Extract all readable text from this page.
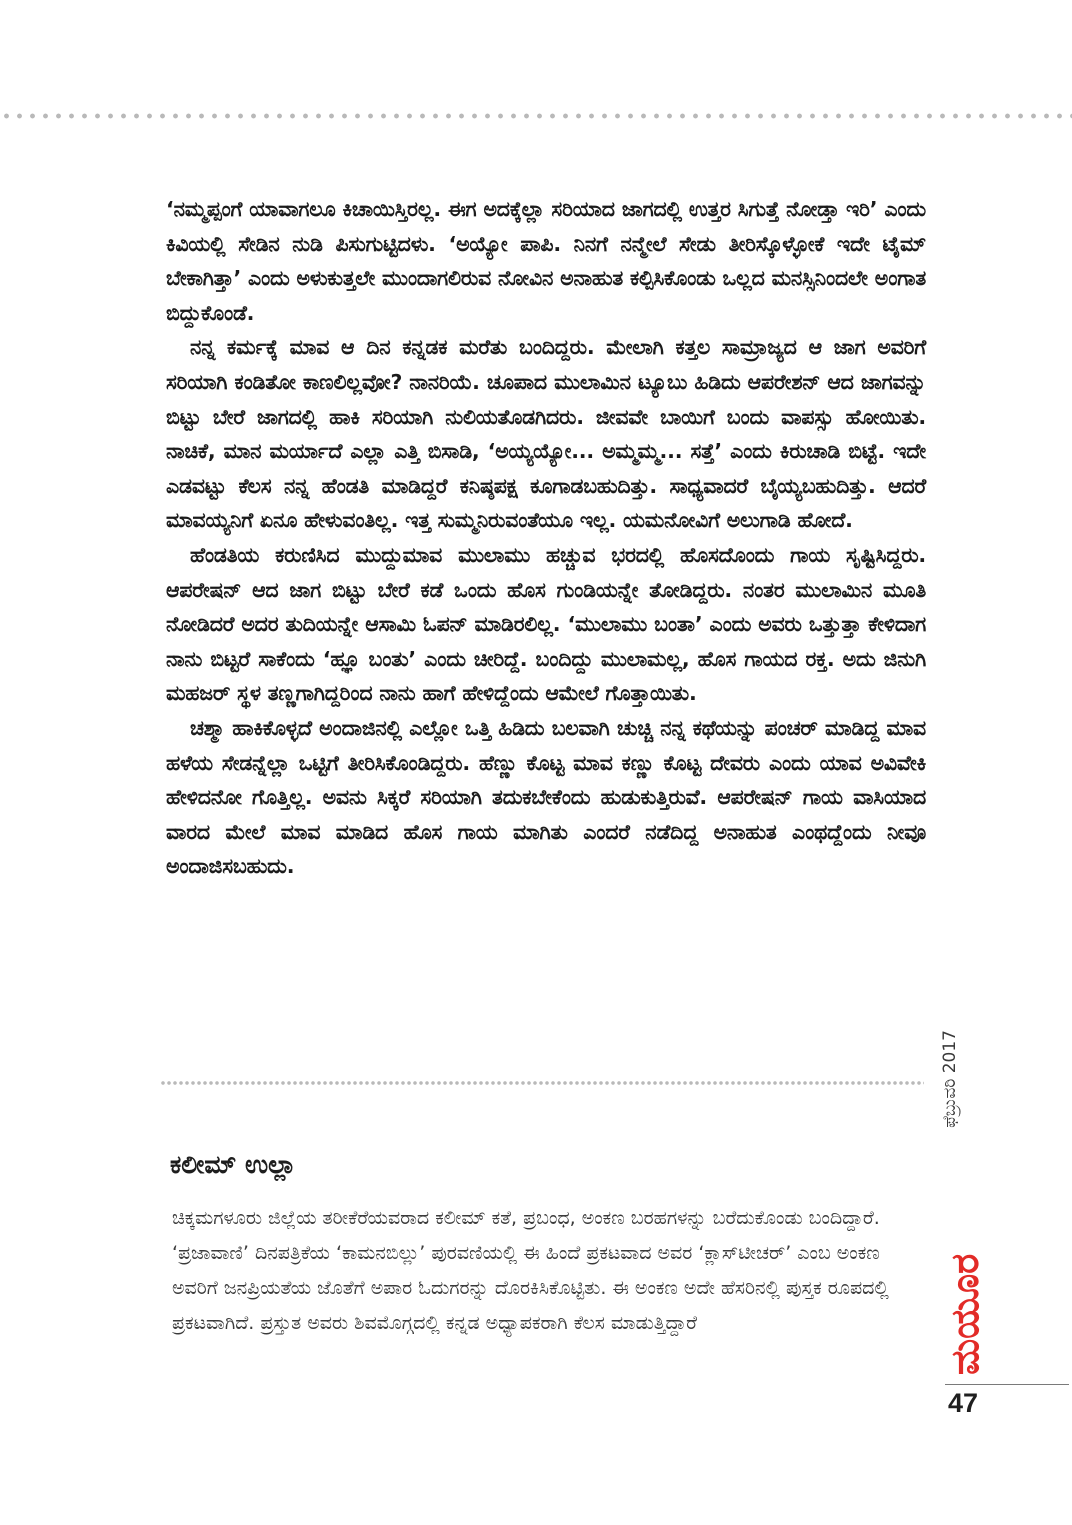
‘ನಮ್ಮಪ್ಪಂಗೆ ಯಾವಾಗಲೂ ಕಿಚಾಯಿಸ್ತಿರಲ್ಲ. ಈಗ ಅದಕ್ಕೆಲ್ಲಾ ಸರಿಯಾದ ಜಾಗದಲ್ಲಿ ಉತ್ತರ ಸಿಗುತ್ತೆ ನೋಡ್ತಾ ಇರಿ’ ಎಂದು ಕಿವಿಯಲ್ಲಿ ಸೇಡಿನ ನುಡಿ ಪಿಸುಗುಟ್ಟಿದಳು. ‘ಅಯ್ಯೋ ಪಾಪಿ. ನಿನಗೆ ನನ್ಮೇಲೆ ಸೇಡು ತೀರಿಸ್ಕೊಳ್ಳೋಕೆ ಇದೇ ಟೈಮ್ ಬೇಕಾಗಿತ್ತಾ’ ಎಂದು ಅಳುಕುತ್ತಲೇ ಮುಂದಾಗಲಿರುವ ನೋವಿನ ಅನಾಹುತ ಕಲ್ಪಿಸಿಕೊಂಡು ಒಲ್ಲದ ಮನಸ್ಸಿನಿಂದಲೇ ಅಂಗಾತ ಬಿದ್ದುಕೊಂಡೆ.

ನನ್ನ ಕರ್ಮಕ್ಕೆ ಮಾವ ಆ ದಿನ ಕನ್ನಡಕ ಮರೆತು ಬಂದಿದ್ದರು. ಮೇಲಾಗಿ ಕತ್ತಲ ಸಾಮ್ರಾಜ್ಯದ ಆ ಜಾಗ ಅವರಿಗೆ ಸರಿಯಾಗಿ ಕಂಡಿತೋ ಕಾಣಲಿಲ್ಲವೋ? ನಾನರಿಯೆ. ಚೂಪಾದ ಮುಲಾಮಿನ ಟ್ಯೂಬು ಹಿಡಿದು ಆಪರೇಶನ್ ಆದ ಜಾಗವನ್ನು ಬಿಟ್ಟು ಬೇರೆ ಜಾಗದಲ್ಲಿ ಹಾಕಿ ಸರಿಯಾಗಿ ನುಲಿಯತೊಡಗಿದರು. ಜೀವವೇ ಬಾಯಿಗೆ ಬಂದು ವಾಪಸ್ಸು ಹೋಯಿತು. ನಾಚಿಕೆ, ಮಾನ ಮರ್ಯಾದೆ ಎಲ್ಲಾ ಎತ್ತಿ ಬಿಸಾಡಿ, ‘ಅಯ್ಯಯ್ಯೋ... ಅಮ್ಮಮ್ಮ... ಸತ್ತೆ’ ಎಂದು ಕಿರುಚಾಡಿ ಬಿಟ್ಟೆ. ಇದೇ ಎಡವಟ್ಟು ಕೆಲಸ ನನ್ನ ಹೆಂಡತಿ ಮಾಡಿದ್ದರೆ ಕನಿಷ್ಠಪಕ್ಷ ಕೂಗಾಡಬಹುದಿತ್ತು. ಸಾಧ್ಯವಾದರೆ ಬೈಯ್ಯಬಹುದಿತ್ತು. ಆದರೆ ಮಾವಯ್ಯನಿಗೆ ಏನೂ ಹೇಳುವಂತಿಲ್ಲ. ಇತ್ತ ಸುಮ್ಮನಿರುವಂತೆಯೂ ಇಲ್ಲ. ಯಮನೋವಿಗೆ ಅಲುಗಾಡಿ ಹೋದೆ.

ಹೆಂಡತಿಯ ಕರುಣಿಸಿದ ಮುದ್ದುಮಾವ ಮುಲಾಮು ಹಚ್ಚುವ ಭರದಲ್ಲಿ ಹೊಸದೊಂದು ಗಾಯ ಸೃಷ್ಟಿಸಿದ್ದರು. ಆಪರೇಷನ್ ಆದ ಜಾಗ ಬಿಟ್ಟು ಬೇರೆ ಕಡೆ ಒಂದು ಹೊಸ ಗುಂಡಿಯನ್ನೇ ತೋಡಿದ್ದರು. ನಂತರ ಮುಲಾಮಿನ ಮೂತಿ ನೋಡಿದರೆ ಅದರ ತುದಿಯನ್ನೇ ಆಸಾಮಿ ಓಪನ್ ಮಾಡಿರಲಿಲ್ಲ. ‘ಮುಲಾಮು ಬಂತಾ’ ಎಂದು ಅವರು ಒತ್ತುತ್ತಾ ಕೇಳಿದಾಗ ನಾನು ಬಿಟ್ಟರೆ ಸಾಕೆಂದು ‘ಹ್ಞೂ ಬಂತು’ ಎಂದು ಚೀರಿದ್ದೆ. ಬಂದಿದ್ದು ಮುಲಾಮಲ್ಲ, ಹೊಸ ಗಾಯದ ರಕ್ತ. ಅದು ಜಿನುಗಿ ಮಹಜರ್ ಸ್ಥಳ ತಣ್ಣಗಾಗಿದ್ದರಿಂದ ನಾನು ಹಾಗೆ ಹೇಳಿದ್ದೆಂದು ಆಮೇಲೆ ಗೊತ್ತಾಯಿತು.

ಚಶ್ಮಾ ಹಾಕಿಕೊಳ್ಳದೆ ಅಂದಾಜಿನಲ್ಲಿ ಎಲ್ಲೋ ಒತ್ತಿ ಹಿಡಿದು ಬಲವಾಗಿ ಚುಚ್ಚಿ ನನ್ನ ಕಥೆಯನ್ನು ಪಂಚರ್ ಮಾಡಿದ್ದ ಮಾವ ಹಳೆಯ ಸೇಡನ್ನೆಲ್ಲಾ ಒಟ್ಟಿಗೆ ತೀರಿಸಿಕೊಂಡಿದ್ದರು. ಹೆಣ್ಣು ಕೊಟ್ಟ ಮಾವ ಕಣ್ಣು ಕೊಟ್ಟ ದೇವರು ಎಂದು ಯಾವ ಅವಿವೇಕಿ ಹೇಳಿದನೋ ಗೊತ್ತಿಲ್ಲ. ಅವನು ಸಿಕ್ಕರೆ ಸರಿಯಾಗಿ ತದುಕಬೇಕೆಂದು ಹುಡುಕುತ್ತಿರುವೆ. ಆಪರೇಷನ್ ಗಾಯ ವಾಸಿಯಾದ ವಾರದ ಮೇಲೆ ಮಾವ ಮಾಡಿದ ಹೊಸ ಗಾಯ ಮಾಗಿತು ಎಂದರೆ ನಡೆದಿದ್ದ ಅನಾಹುತ ಎಂಥದ್ದೆಂದು ನೀವೂ ಅಂದಾಜಿಸಬಹುದು.

ಕಲೀಮ್ ಉಲ್ಲಾ

ಚಿಕ್ಕಮಗಳೂರು ಜಿಲ್ಲೆಯ ತರೀಕೆರೆಯವರಾದ ಕಲೀಮ್ ಕತೆ, ಪ್ರಬಂಧ, ಅಂಕಣ ಬರಹಗಳನ್ನು ಬರೆದುಕೊಂಡು ಬಂದಿದ್ದಾರೆ. ‘ಪ್ರಜಾವಾಣಿ’ ದಿನಪತ್ರಿಕೆಯ ‘ಕಾಮನಬಿಲ್ಲು’ ಪುರವಣಿಯಲ್ಲಿ ಈ ಹಿಂದೆ ಪ್ರಕಟವಾದ ಅವರ ‘ಕ್ಲಾಸ್‌ಟೀಚರ್’ ಎಂಬ ಅಂಕಣ ಅವರಿಗೆ ಜನಪ್ರಿಯತೆಯ ಜೊತೆಗೆ ಅಪಾರ ಓದುಗರನ್ನು ದೊರಕಿಸಿಕೊಟ್ಟಿತು. ಈ ಅಂಕಣ ಅದೇ ಹೆಸರಿನಲ್ಲಿ ಪುಸ್ತಕ ರೂಪದಲ್ಲಿ ಪ್ರಕಟವಾಗಿದೆ. ಪ್ರಸ್ತುತ ಅವರು ಶಿವಮೊಗ್ಗದಲ್ಲಿ ಕನ್ನಡ ಅಧ್ಯಾಪಕರಾಗಿ ಕೆಲಸ ಮಾಡುತ್ತಿದ್ದಾರೆ

ಫೆಬ್ರುವರಿ 2017
ಮಯೂರ

47
